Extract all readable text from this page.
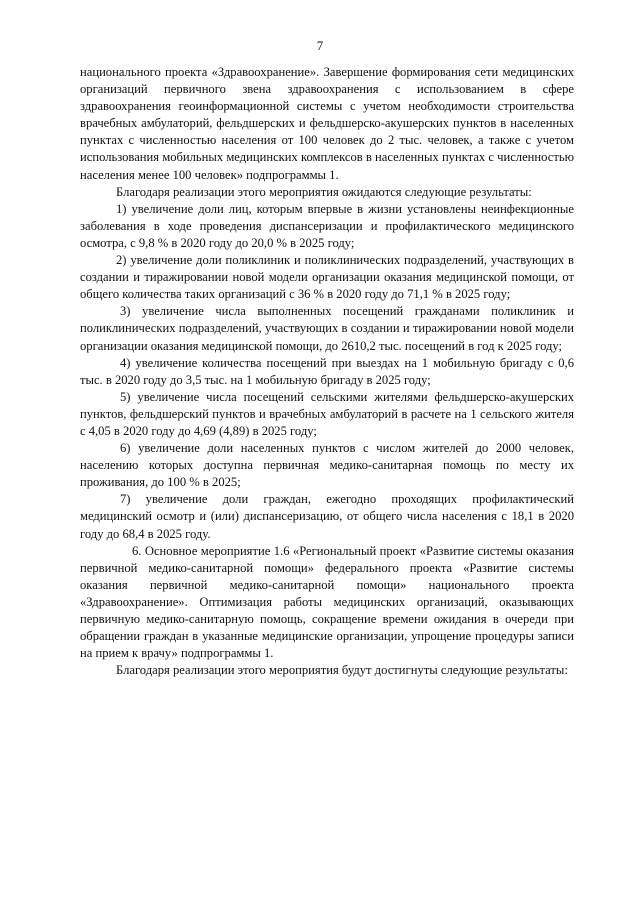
7

национального проекта «Здравоохранение». Завершение формирования сети медицинских организаций первичного звена здравоохранения с использованием в сфере здравоохранения геоинформационной системы с учетом необходимости строительства врачебных амбулаторий, фельдшерских и фельдшерско-акушерских пунктов в населенных пунктах с численностью населения от 100 человек до 2 тыс. человек, а также с учетом использования мобильных медицинских комплексов в населенных пунктах с численностью населения менее 100 человек» подпрограммы 1.

Благодаря реализации этого мероприятия ожидаются следующие результаты:

1) увеличение доли лиц, которым впервые в жизни установлены неинфекционные заболевания в ходе проведения диспансеризации и профилактического медицинского осмотра, с 9,8 % в 2020 году до 20,0 % в 2025 году;

2) увеличение доли поликлиник и поликлинических подразделений, участвующих в создании и тиражировании новой модели организации оказания медицинской помощи, от общего количества таких организаций с 36 % в 2020 году до 71,1 % в 2025 году;

3) увеличение числа выполненных посещений гражданами поликлиник и поликлинических подразделений, участвующих в создании и тиражировании новой модели организации оказания медицинской помощи, до 2610,2 тыс. посещений в год к 2025 году;

4) увеличение количества посещений при выездах на 1 мобильную бригаду с 0,6 тыс. в 2020 году до 3,5 тыс. на 1 мобильную бригаду в 2025 году;

5) увеличение числа посещений сельскими жителями фельдшерско-акушерских пунктов, фельдшерский пунктов и врачебных амбулаторий в расчете на 1 сельского жителя с 4,05 в 2020 году до 4,69 (4,89) в 2025 году;

6) увеличение доли населенных пунктов с числом жителей до 2000 человек, населению которых доступна первичная медико-санитарная помощь по месту их проживания, до 100 % в 2025;

7) увеличение доли граждан, ежегодно проходящих профилактический медицинский осмотр и (или) диспансеризацию, от общего числа населения с 18,1 в 2020 году до 68,4 в 2025 году.

6. Основное мероприятие 1.6 «Региональный проект «Развитие системы оказания первичной медико-санитарной помощи» федерального проекта «Развитие системы оказания первичной медико-санитарной помощи» национального проекта «Здравоохранение». Оптимизация работы медицинских организаций, оказывающих первичную медико-санитарную помощь, сокращение времени ожидания в очереди при обращении граждан в указанные медицинские организации, упрощение процедуры записи на прием к врачу» подпрограммы 1.

Благодаря реализации этого мероприятия будут достигнуты следующие результаты:
